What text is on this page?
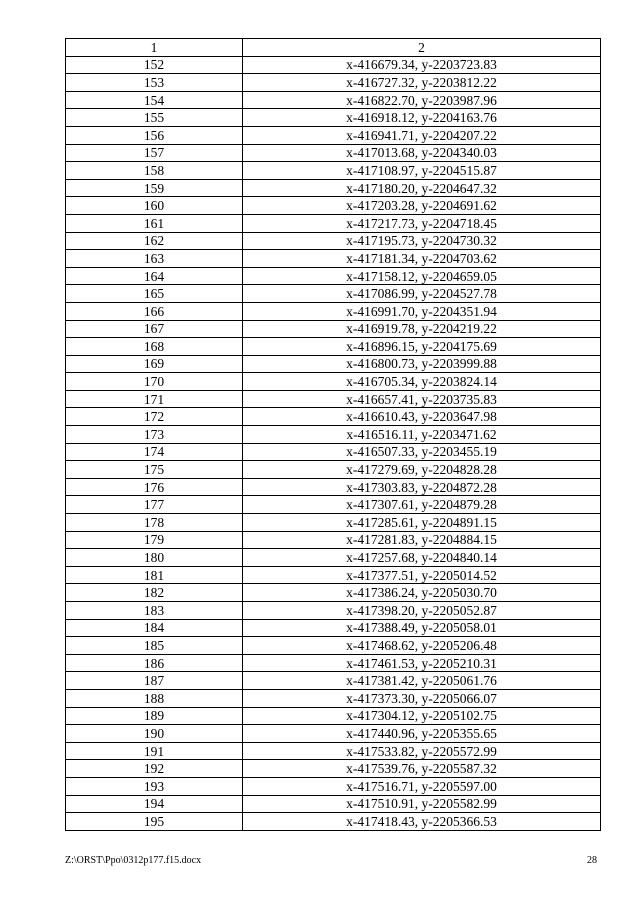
1	2
152	x-416679.34, y-2203723.83
153	x-416727.32, y-2203812.22
154	x-416822.70, y-2203987.96
155	x-416918.12, y-2204163.76
156	x-416941.71, y-2204207.22
157	x-417013.68, y-2204340.03
158	x-417108.97, y-2204515.87
159	x-417180.20, y-2204647.32
160	x-417203.28, y-2204691.62
161	x-417217.73, y-2204718.45
162	x-417195.73, y-2204730.32
163	x-417181.34, y-2204703.62
164	x-417158.12, y-2204659.05
165	x-417086.99, y-2204527.78
166	x-416991.70, y-2204351.94
167	x-416919.78, y-2204219.22
168	x-416896.15, y-2204175.69
169	x-416800.73, y-2203999.88
170	x-416705.34, y-2203824.14
171	x-416657.41, y-2203735.83
172	x-416610.43, y-2203647.98
173	x-416516.11, y-2203471.62
174	x-416507.33, y-2203455.19
175	x-417279.69, y-2204828.28
176	x-417303.83, y-2204872.28
177	x-417307.61, y-2204879.28
178	x-417285.61, y-2204891.15
179	x-417281.83, y-2204884.15
180	x-417257.68, y-2204840.14
181	x-417377.51, y-2205014.52
182	x-417386.24, y-2205030.70
183	x-417398.20, y-2205052.87
184	x-417388.49, y-2205058.01
185	x-417468.62, y-2205206.48
186	x-417461.53, y-2205210.31
187	x-417381.42, y-2205061.76
188	x-417373.30, y-2205066.07
189	x-417304.12, y-2205102.75
190	x-417440.96, y-2205355.65
191	x-417533.82, y-2205572.99
192	x-417539.76, y-2205587.32
193	x-417516.71, y-2205597.00
194	x-417510.91, y-2205582.99
195	x-417418.43, y-2205366.53
Z:\ORST\Ppo\0312p177.f15.docx	28
